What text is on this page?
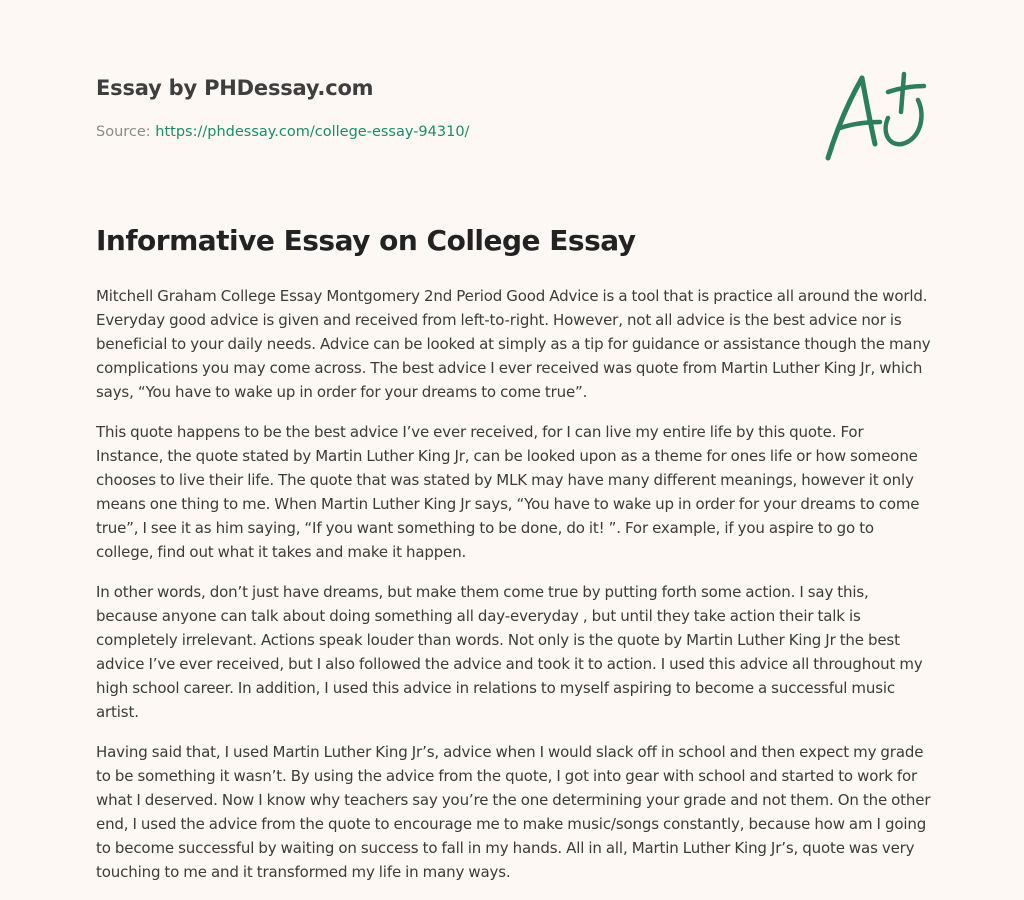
Essay by PHDessay.com
Source: https://phdessay.com/college-essay-94310/
Informative Essay on College Essay

Mitchell Graham College Essay Montgomery 2nd Period Good Advice is a tool that is practice all around the world. Everyday good advice is given and received from left-to-right. However, not all advice is the best advice nor is beneficial to your daily needs. Advice can be looked at simply as a tip for guidance or assistance though the many complications you may come across. The best advice I ever received was quote from Martin Luther King Jr, which says, “You have to wake up in order for your dreams to come true”.

This quote happens to be the best advice I’ve ever received, for I can live my entire life by this quote. For Instance, the quote stated by Martin Luther King Jr, can be looked upon as a theme for ones life or how someone chooses to live their life. The quote that was stated by MLK may have many different meanings, however it only means one thing to me. When Martin Luther King Jr says, “You have to wake up in order for your dreams to come true”, I see it as him saying, “If you want something to be done, do it! ”. For example, if you aspire to go to college, find out what it takes and make it happen.

In other words, don’t just have dreams, but make them come true by putting forth some action. I say this, because anyone can talk about doing something all day-everyday , but until they take action their talk is completely irrelevant. Actions speak louder than words. Not only is the quote by Martin Luther King Jr the best advice I’ve ever received, but I also followed the advice and took it to action. I used this advice all throughout my high school career. In addition, I used this advice in relations to myself aspiring to become a successful music artist.

Having said that, I used Martin Luther King Jr’s, advice when I would slack off in school and then expect my grade to be something it wasn’t. By using the advice from the quote, I got into gear with school and started to work for what I deserved. Now I know why teachers say you’re the one determining your grade and not them. On the other end, I used the advice from the quote to encourage me to make music/songs constantly, because how am I going to become successful by waiting on success to fall in my hands. All in all, Martin Luther King Jr’s, quote was very touching to me and it transformed my life in many ways.
